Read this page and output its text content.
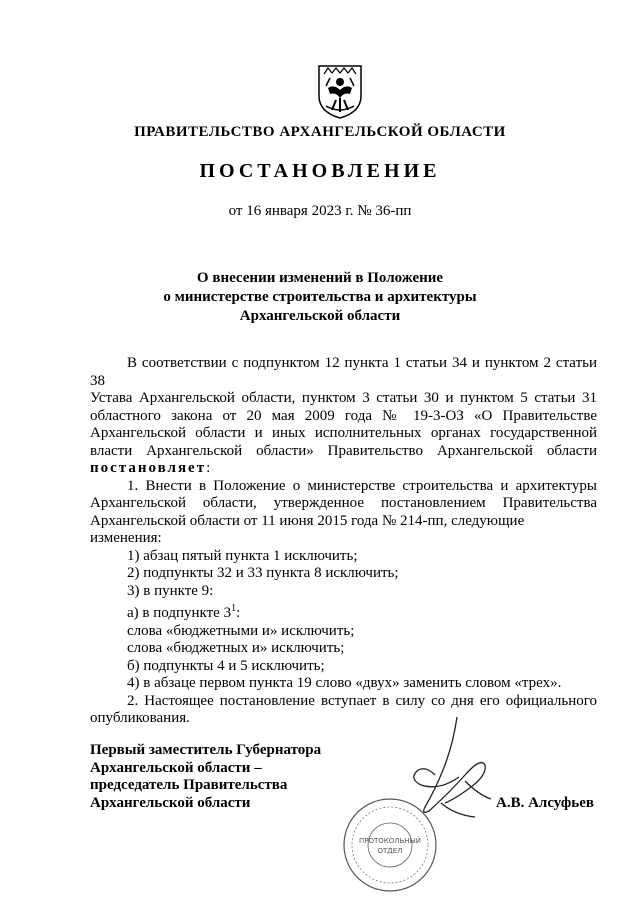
ПРАВИТЕЛЬСТВО АРХАНГЕЛЬСКОЙ ОБЛАСТИ
ПОСТАНОВЛЕНИЕ
от 16 января 2023 г. № 36-пп
О внесении изменений в Положение
о министерстве строительства и архитектуры
Архангельской области
В соответствии с подпунктом 12 пункта 1 статьи 34 и пунктом 2 статьи 38
Устава Архангельской области, пунктом 3 статьи 30 и пунктом 5 статьи 31
областного закона от 20 мая 2009 года № 19-3-ОЗ «О Правительстве
Архангельской области и иных исполнительных органах государственной
власти Архангельской области» Правительство Архангельской области
постановляет:
1. Внести в Положение о министерстве строительства и архитектуры
Архангельской области, утвержденное постановлением Правительства
Архангельской области от 11 июня 2015 года № 214-пп, следующие изменения:
1) абзац пятый пункта 1 исключить;
2) подпункты 32 и 33 пункта 8 исключить;
3) в пункте 9:
а) в подпункте $3^1$:
слова «бюджетными и» исключить;
слова «бюджетных и» исключить;
б) подпункты 4 и 5 исключить;
4) в абзаце первом пункта 19 слово «двух» заменить словом «трех».
2. Настоящее постановление вступает в силу со дня его официального
опубликования.
Первый заместитель Губернатора
Архангельской области –
председатель Правительства
Архангельской области	А.В. Алсуфьев
ПРОТОКОЛЬНЫЙ
ОТДЕЛ
